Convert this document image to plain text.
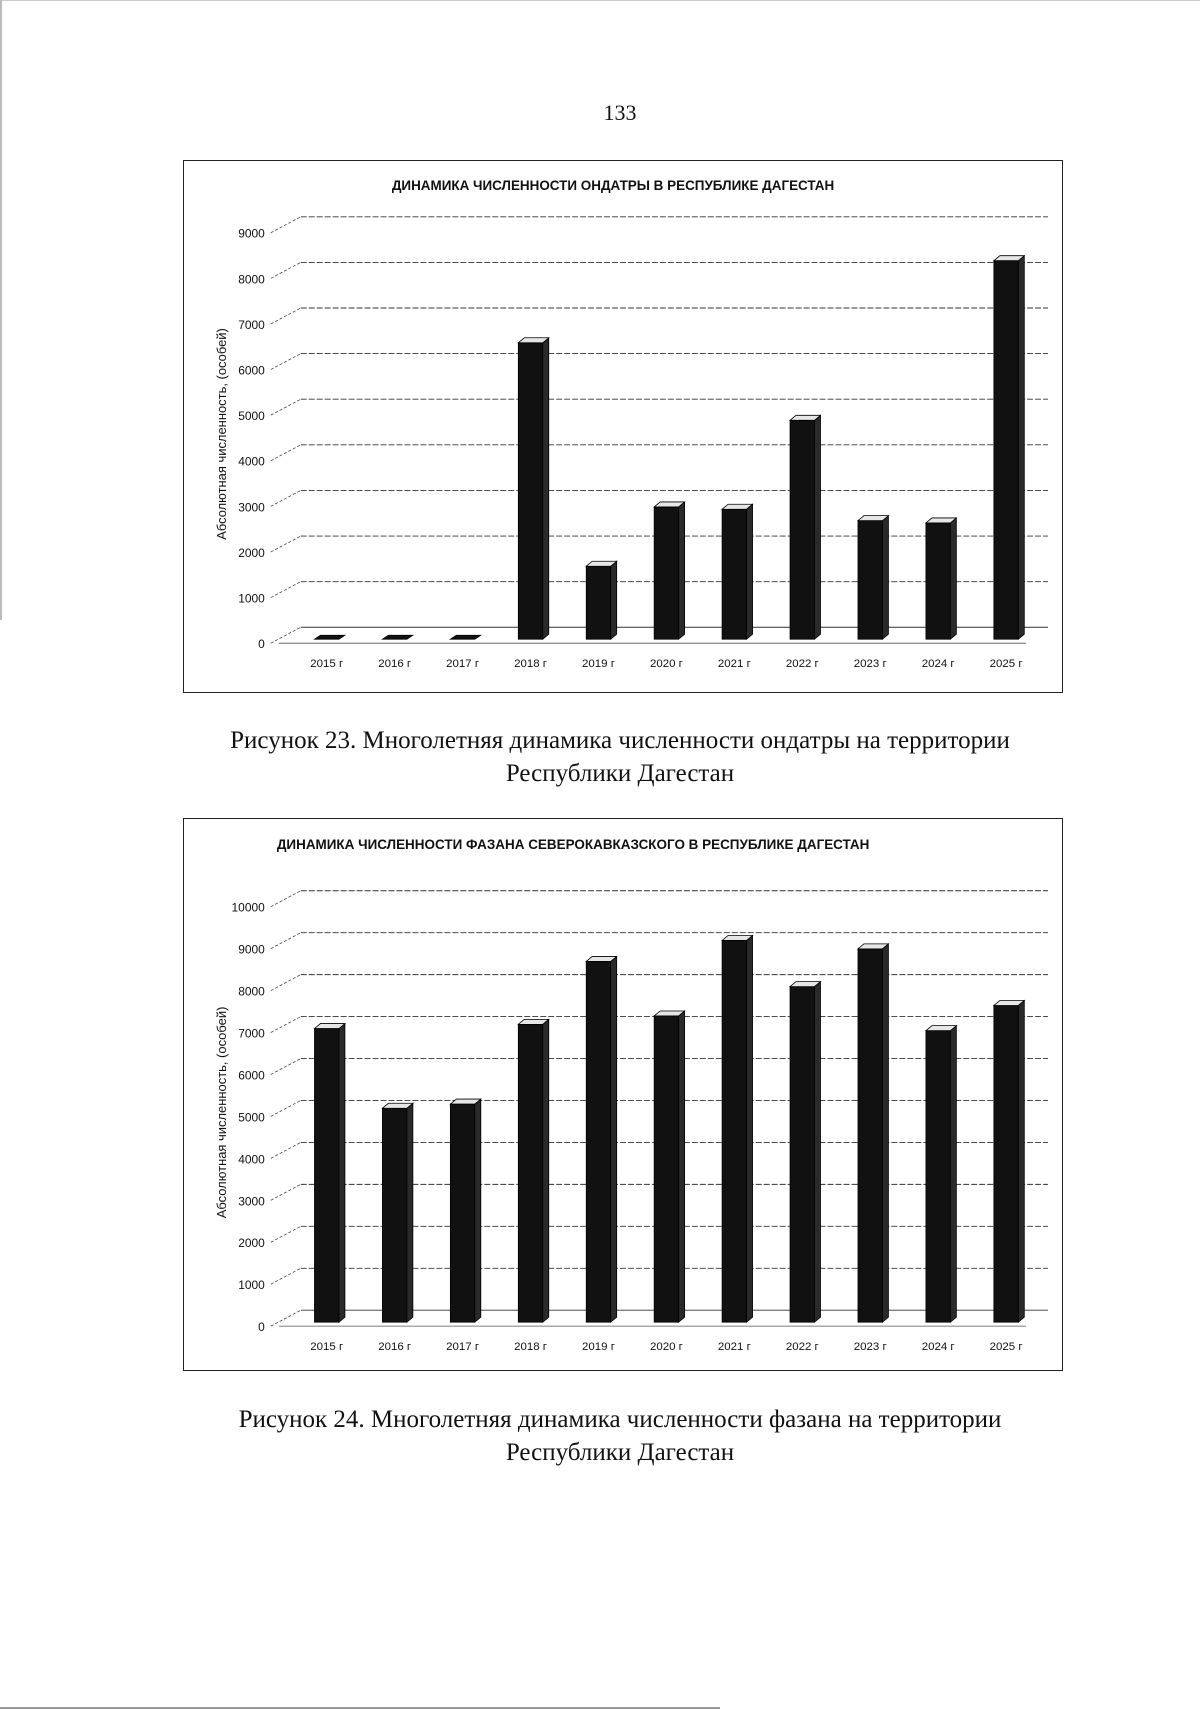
133
ДИНАМИКА ЧИСЛЕННОСТИ ОНДАТРЫ В РЕСПУБЛИКЕ ДАГЕСТАН
Абсолютная численность, (особей)
0
1000
2000
3000
4000
5000
6000
7000
8000
9000
2015 г	2016 г	2017 г	2018 г	2019 г	2020 г	2021 г	2022 г	2023 г	2024 г	2025 г
Рисунок 23. Многолетняя динамика численности ондатры на территории
Республики Дагестан
ДИНАМИКА ЧИСЛЕННОСТИ ФАЗАНА СЕВЕРОКАВКАЗСКОГО В РЕСПУБЛИКЕ ДАГЕСТАН
Абсолютная численность, (особей)
0
1000
2000
3000
4000
5000
6000
7000
8000
9000
10000
2015 г	2016 г	2017 г	2018 г	2019 г	2020 г	2021 г	2022 г	2023 г	2024 г	2025 г
Рисунок 24. Многолетняя динамика численности фазана на территории
Республики Дагестан
